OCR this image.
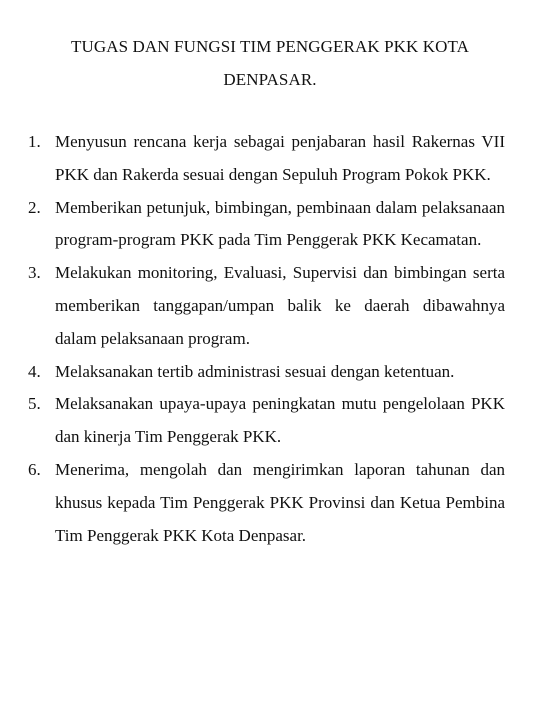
TUGAS DAN FUNGSI TIM PENGGERAK PKK KOTA DENPASAR.
1. Menyusun rencana kerja sebagai penjabaran hasil Rakernas VII PKK dan Rakerda sesuai dengan Sepuluh Program Pokok PKK.
2. Memberikan petunjuk, bimbingan, pembinaan dalam pelaksanaan program-program PKK pada Tim Penggerak PKK Kecamatan.
3. Melakukan monitoring, Evaluasi, Supervisi dan bimbingan serta memberikan tanggapan/umpan balik ke daerah dibawahnya dalam pelaksanaan program.
4. Melaksanakan tertib administrasi sesuai dengan ketentuan.
5. Melaksanakan upaya-upaya peningkatan mutu pengelolaan PKK dan kinerja Tim Penggerak PKK.
6. Menerima, mengolah dan mengirimkan laporan tahunan dan khusus kepada Tim Penggerak PKK Provinsi dan Ketua Pembina Tim Penggerak PKK Kota Denpasar.
